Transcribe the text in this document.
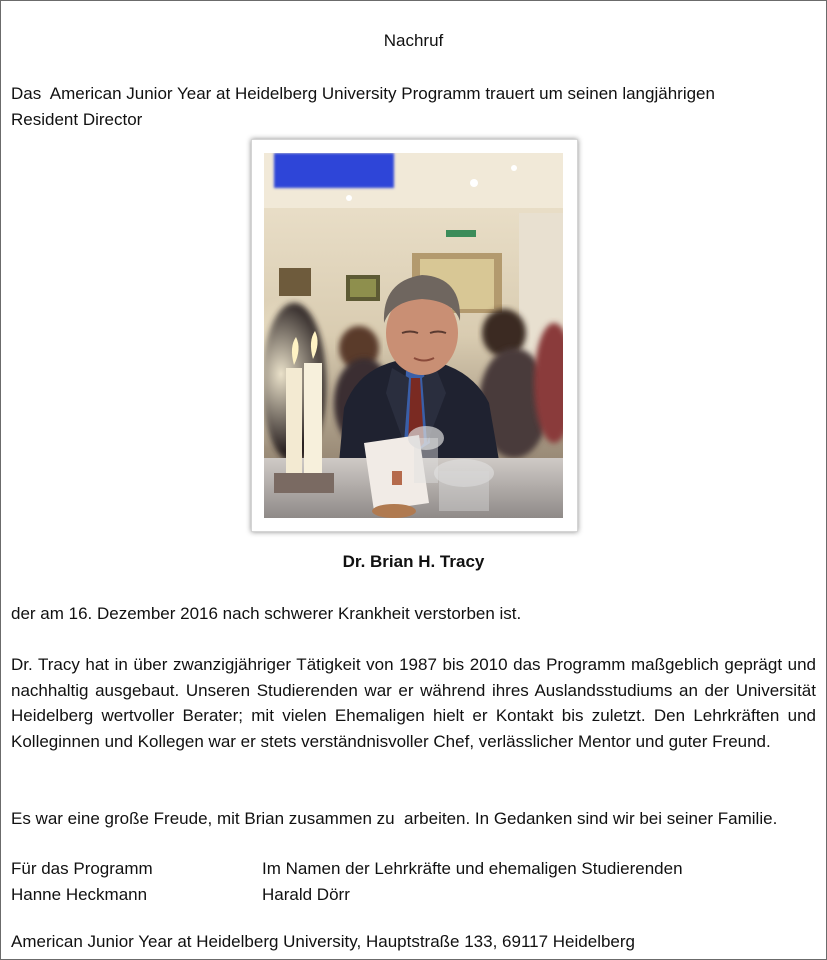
Nachruf
Das  American Junior Year at Heidelberg University Programm trauert um seinen langjährigen
Resident Director
Dr. Brian H. Tracy
der am 16. Dezember 2016 nach schwerer Krankheit verstorben ist.
Dr. Tracy hat in über zwanzigjähriger Tätigkeit von 1987 bis 2010 das Programm maßgeblich geprägt und nachhaltig ausgebaut. Unseren Studierenden war er während ihres Auslandsstudiums an der Universität Heidelberg wertvoller Berater; mit vielen Ehemaligen hielt er Kontakt bis zuletzt. Den Lehrkräften und Kolleginnen und Kollegen war er stets verständnisvoller Chef, verlässlicher Mentor und guter Freund.
Es war eine große Freude, mit Brian zusammen zu  arbeiten. In Gedanken sind wir bei seiner Familie.
Für das Programm
Hanne Heckmann
Im Namen der Lehrkräfte und ehemaligen Studierenden
Harald Dörr
American Junior Year at Heidelberg University, Hauptstraße 133, 69117 Heidelberg
